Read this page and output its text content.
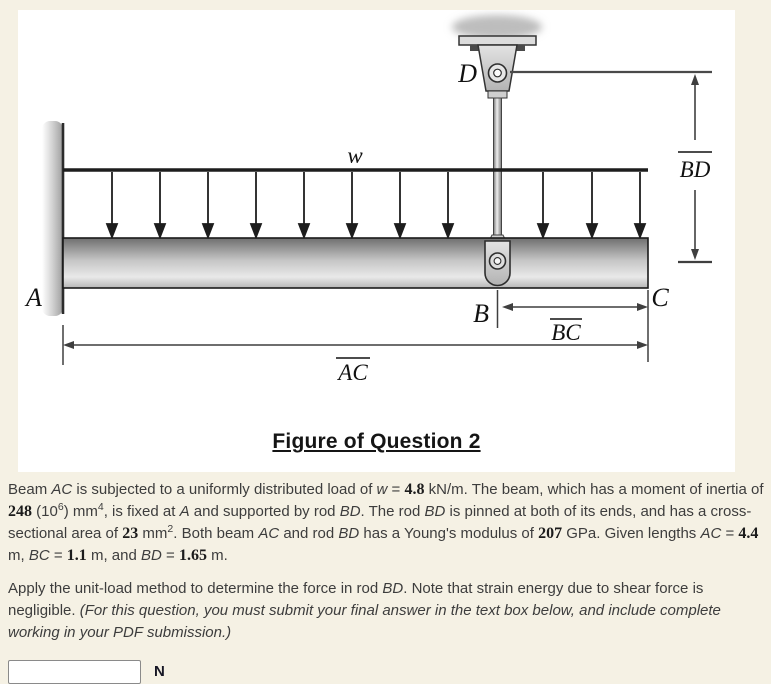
w
D
A
B
C
BD
BC
AC
Figure of Question 2

Beam AC is subjected to a uniformly distributed load of w = 4.8 kN/m. The beam, which has a moment of inertia of 248 $(10^6)$ $mm^4$, is fixed at A and supported by rod BD. The rod BD is pinned at both of its ends, and has a cross-sectional area of 23 $mm^2$. Both beam AC and rod BD has a Young's modulus of 207 GPa. Given lengths AC = 4.4 m, BC = 1.1 m, and BD = 1.65 m.

Apply the unit-load method to determine the force in rod BD. Note that strain energy due to shear force is negligible. (For this question, you must submit your final answer in the text box below, and include complete working in your PDF submission.)

N
